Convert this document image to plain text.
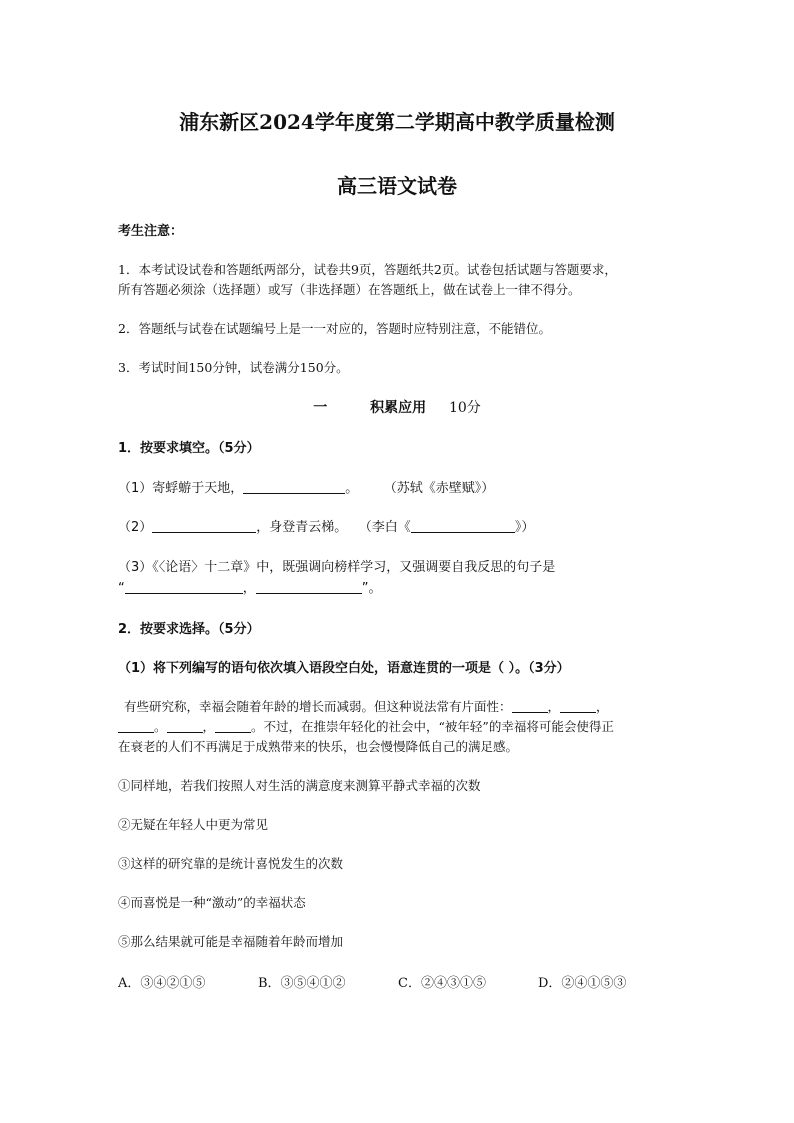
浦东新区2024学年度第二学期高中教学质量检测
高三语文试卷
考生注意：
1．本考试设试卷和答题纸两部分，试卷共9页，答题纸共2页。试卷包括试题与答题要求，
所有答题必须涂（选择题）或写（非选择题）在答题纸上，做在试卷上一律不得分。
2．答题纸与试卷在试题编号上是一一对应的，答题时应特别注意，不能错位。
3．考试时间150分钟，试卷满分150分。
一	积累应用 10分
1．按要求填空。（5分）
（1）寄蜉蝣于天地，	。 （苏轼《赤壁赋》）
（2）	，身登青云梯。 （李白《	》）
（3）《〈论语〉十二章》中，既强调向榜样学习，又强调要自我反思的句子是
“	，	”。
2．按要求选择。（5分）
（1）将下列编写的语句依次填入语段空白处，语意连贯的一项是（ ）。（3分）
有些研究称，幸福会随着年龄的增长而减弱。但这种说法常有片面性：	，	，
。	，	。不过，在推崇年轻化的社会中，“被年轻”的幸福将可能会使得正
在衰老的人们不再满足于成熟带来的快乐，也会慢慢降低自己的满足感。
①同样地，若我们按照人对生活的满意度来测算平静式幸福的次数
②无疑在年轻人中更为常见
③这样的研究靠的是统计喜悦发生的次数
④而喜悦是一种“激动”的幸福状态
⑤那么结果就可能是幸福随着年龄而增加
A．③④②①⑤	B．③⑤④①②	C．②④③①⑤	D．②④①⑤③
